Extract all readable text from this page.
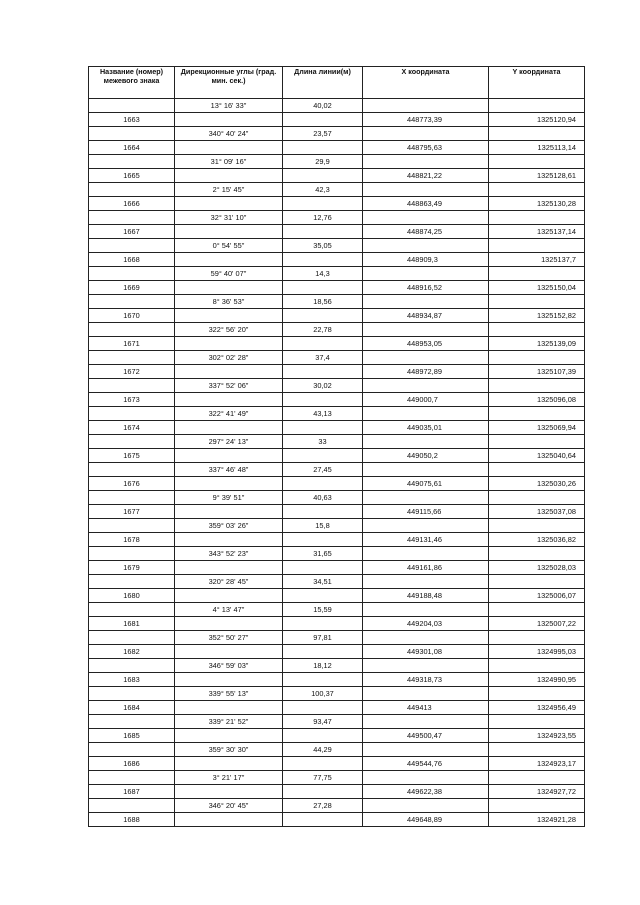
Название (номер) межевого знака	Дирекционные углы (град. мин. сек.)	Длина линии(м)	Х координата	Y координата
	13° 16' 33"	40,02		
1663			448773,39	1325120,94
	340° 40' 24"	23,57		
1664			448795,63	1325113,14
	31° 09' 16"	29,9		
1665			448821,22	1325128,61
	2° 15' 45"	42,3		
1666			448863,49	1325130,28
	32° 31' 10"	12,76		
1667			448874,25	1325137,14
	0° 54' 55"	35,05		
1668			448909,3	1325137,7
	59° 40' 07"	14,3		
1669			448916,52	1325150,04
	8° 36' 53"	18,56		
1670			448934,87	1325152,82
	322° 56' 20"	22,78		
1671			448953,05	1325139,09
	302° 02' 28"	37,4		
1672			448972,89	1325107,39
	337° 52' 06"	30,02		
1673			449000,7	1325096,08
	322° 41' 49"	43,13		
1674			449035,01	1325069,94
	297° 24' 13"	33		
1675			449050,2	1325040,64
	337° 46' 48"	27,45		
1676			449075,61	1325030,26
	9° 39' 51"	40,63		
1677			449115,66	1325037,08
	359° 03' 26"	15,8		
1678			449131,46	1325036,82
	343° 52' 23"	31,65		
1679			449161,86	1325028,03
	320° 28' 45"	34,51		
1680			449188,48	1325006,07
	4° 13' 47"	15,59		
1681			449204,03	1325007,22
	352° 50' 27"	97,81		
1682			449301,08	1324995,03
	346° 59' 03"	18,12		
1683			449318,73	1324990,95
	339° 55' 13"	100,37		
1684			449413	1324956,49
	339° 21' 52"	93,47		
1685			449500,47	1324923,55
	359° 30' 30"	44,29		
1686			449544,76	1324923,17
	3° 21' 17"	77,75		
1687			449622,38	1324927,72
	346° 20' 45"	27,28		
1688			449648,89	1324921,28
